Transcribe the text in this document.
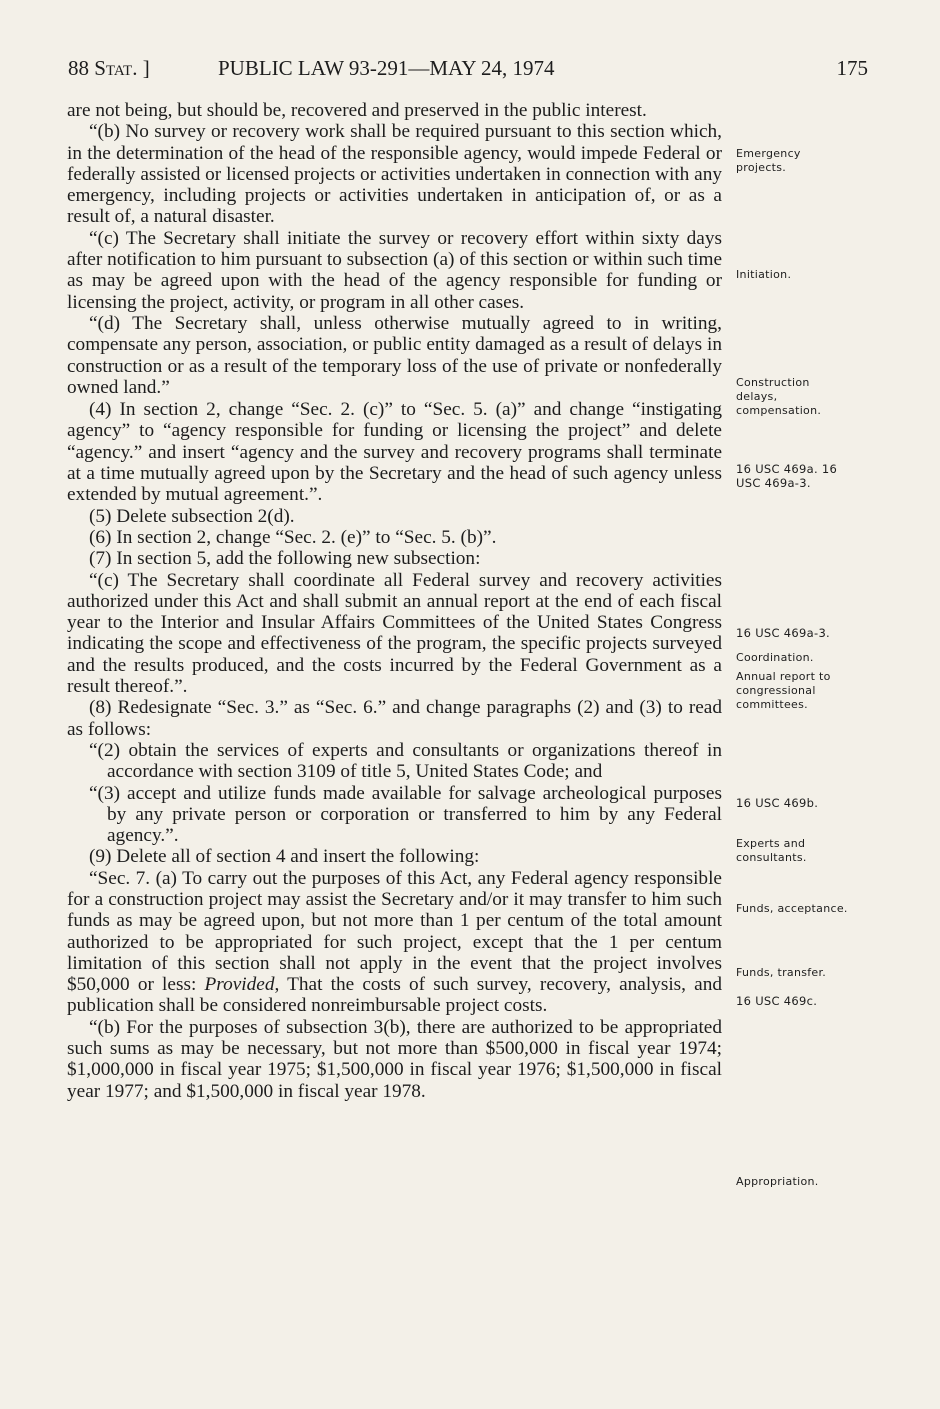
88 Stat. ]	PUBLIC LAW 93-291—MAY 24, 1974	175

are not being, but should be, recovered and preserved in the public interest.

“(b) No survey or recovery work shall be required pursuant to this section which, in the determination of the head of the responsible agency, would impede Federal or federally assisted or licensed projects or activities undertaken in connection with any emergency, including projects or activities undertaken in anticipation of, or as a result of, a natural disaster.

“(c) The Secretary shall initiate the survey or recovery effort within sixty days after notification to him pursuant to subsection (a) of this section or within such time as may be agreed upon with the head of the agency responsible for funding or licensing the project, activity, or program in all other cases.

“(d) The Secretary shall, unless otherwise mutually agreed to in writing, compensate any person, association, or public entity damaged as a result of delays in construction or as a result of the temporary loss of the use of private or nonfederally owned land.”

(4) In section 2, change “Sec. 2. (c)” to “Sec. 5. (a)” and change “instigating agency” to “agency responsible for funding or licensing the project” and delete “agency.” and insert “agency and the survey and recovery programs shall terminate at a time mutually agreed upon by the Secretary and the head of such agency unless extended by mutual agreement.”.

(5) Delete subsection 2(d).

(6) In section 2, change “Sec. 2. (e)” to “Sec. 5. (b)”.

(7) In section 5, add the following new subsection:

“(c) The Secretary shall coordinate all Federal survey and recovery activities authorized under this Act and shall submit an annual report at the end of each fiscal year to the Interior and Insular Affairs Committees of the United States Congress indicating the scope and effectiveness of the program, the specific projects surveyed and the results produced, and the costs incurred by the Federal Government as a result thereof.”.

(8) Redesignate “Sec. 3.” as “Sec. 6.” and change paragraphs (2) and (3) to read as follows:

“(2) obtain the services of experts and consultants or organizations thereof in accordance with section 3109 of title 5, United States Code; and

“(3) accept and utilize funds made available for salvage archeological purposes by any private person or corporation or transferred to him by any Federal agency.”.

(9) Delete all of section 4 and insert the following:

“Sec. 7. (a) To carry out the purposes of this Act, any Federal agency responsible for a construction project may assist the Secretary and/or it may transfer to him such funds as may be agreed upon, but not more than 1 per centum of the total amount authorized to be appropriated for such project, except that the 1 per centum limitation of this section shall not apply in the event that the project involves $50,000 or less: Provided, That the costs of such survey, recovery, analysis, and publication shall be considered nonreimbursable project costs.

“(b) For the purposes of subsection 3(b), there are authorized to be appropriated such sums as may be necessary, but not more than $500,000 in fiscal year 1974; $1,000,000 in fiscal year 1975; $1,500,000 in fiscal year 1976; $1,500,000 in fiscal year 1977; and $1,500,000 in fiscal year 1978.

Emergency projects.
Initiation.
Construction delays, compensation.
16 USC 469a. 16 USC 469a-3.
16 USC 469a-3.
Coordination.
Annual report to congressional committees.
16 USC 469b.
Experts and consultants.
Funds, acceptance.
Funds, transfer.
16 USC 469c.
Appropriation.
